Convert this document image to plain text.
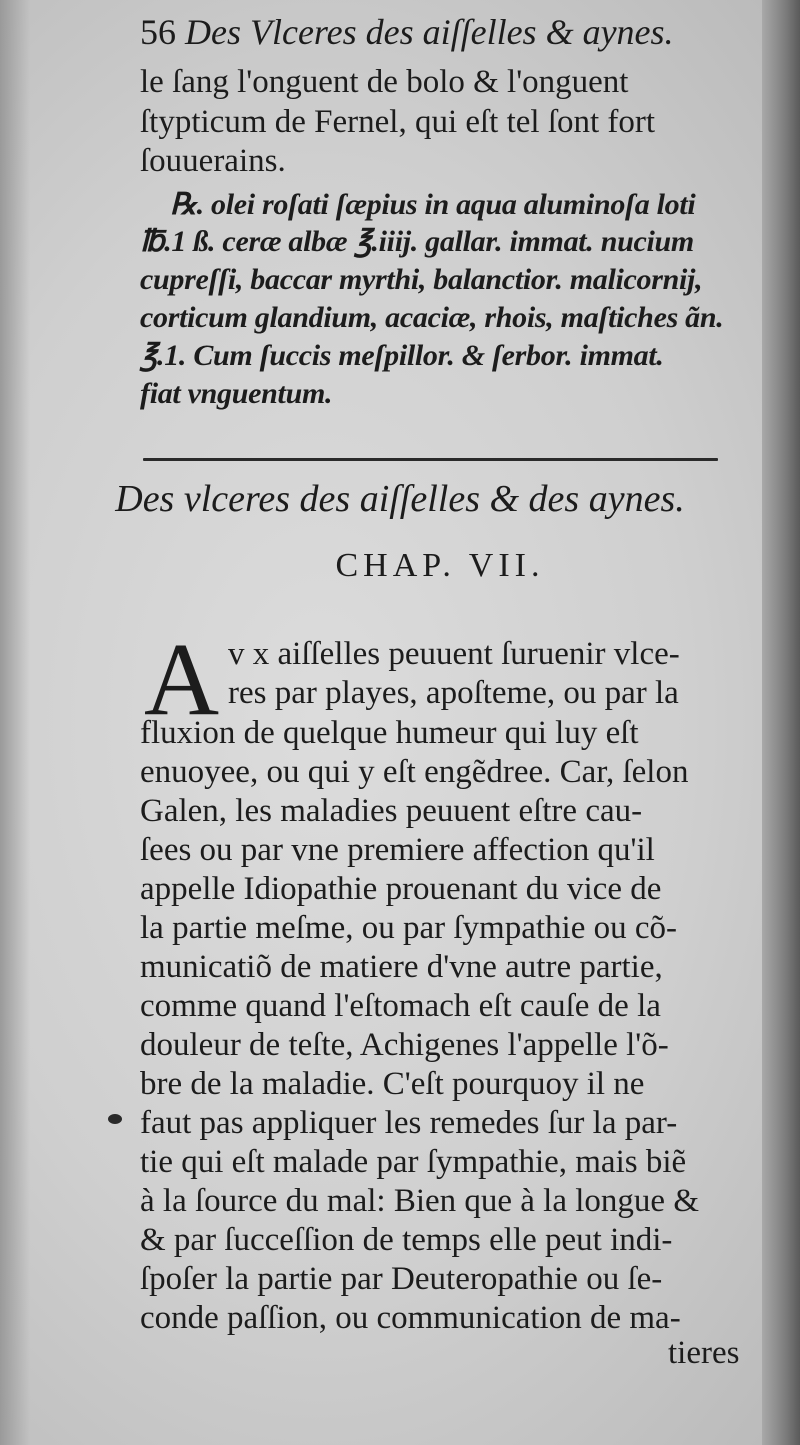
56 Des Vlceres des aiſſelles & aynes.
le ſang l'onguent de bolo & l'onguent
ſtypticum de Fernel, qui eſt tel ſont fort
ſouuerains.
℞. olei roſati ſæpius in aqua aluminoſa loti
℔.1 ß. ceræ albæ ℥.iiij. gallar. immat. nucium
cupreſſi, baccar myrthi, balanctior. malicornij,
corticum glandium, acaciæ, rhois, maſtiches ãn.
℥.1. Cum ſuccis meſpillor. & ſerbor. immat.
fiat vnguentum.
Des vlceres des aiſſelles & des aynes.
CHAP. VII.
A v x aiſſelles peuuent ſuruenir vlce-
res par playes, apoſteme, ou par la
fluxion de quelque humeur qui luy eſt
enuoyee, ou qui y eſt engẽdree. Car, ſelon
Galen, les maladies peuuent eſtre cau-
ſees ou par vne premiere affection qu'il
appelle Idiopathie prouenant du vice de
la partie meſme, ou par ſympathie ou cõ-
municatiõ de matiere d'vne autre partie,
comme quand l'eſtomach eſt cauſe de la
douleur de teſte, Achigenes l'appelle l'õ-
bre de la maladie. C'eſt pourquoy il ne
faut pas appliquer les remedes ſur la par-
tie qui eſt malade par ſympathie, mais biẽ
à la ſource du mal: Bien que à la longue &
& par ſucceſſion de temps elle peut indi-
ſpoſer la partie par Deuteropathie ou ſe-
conde paſſion, ou communication de ma-
tieres
